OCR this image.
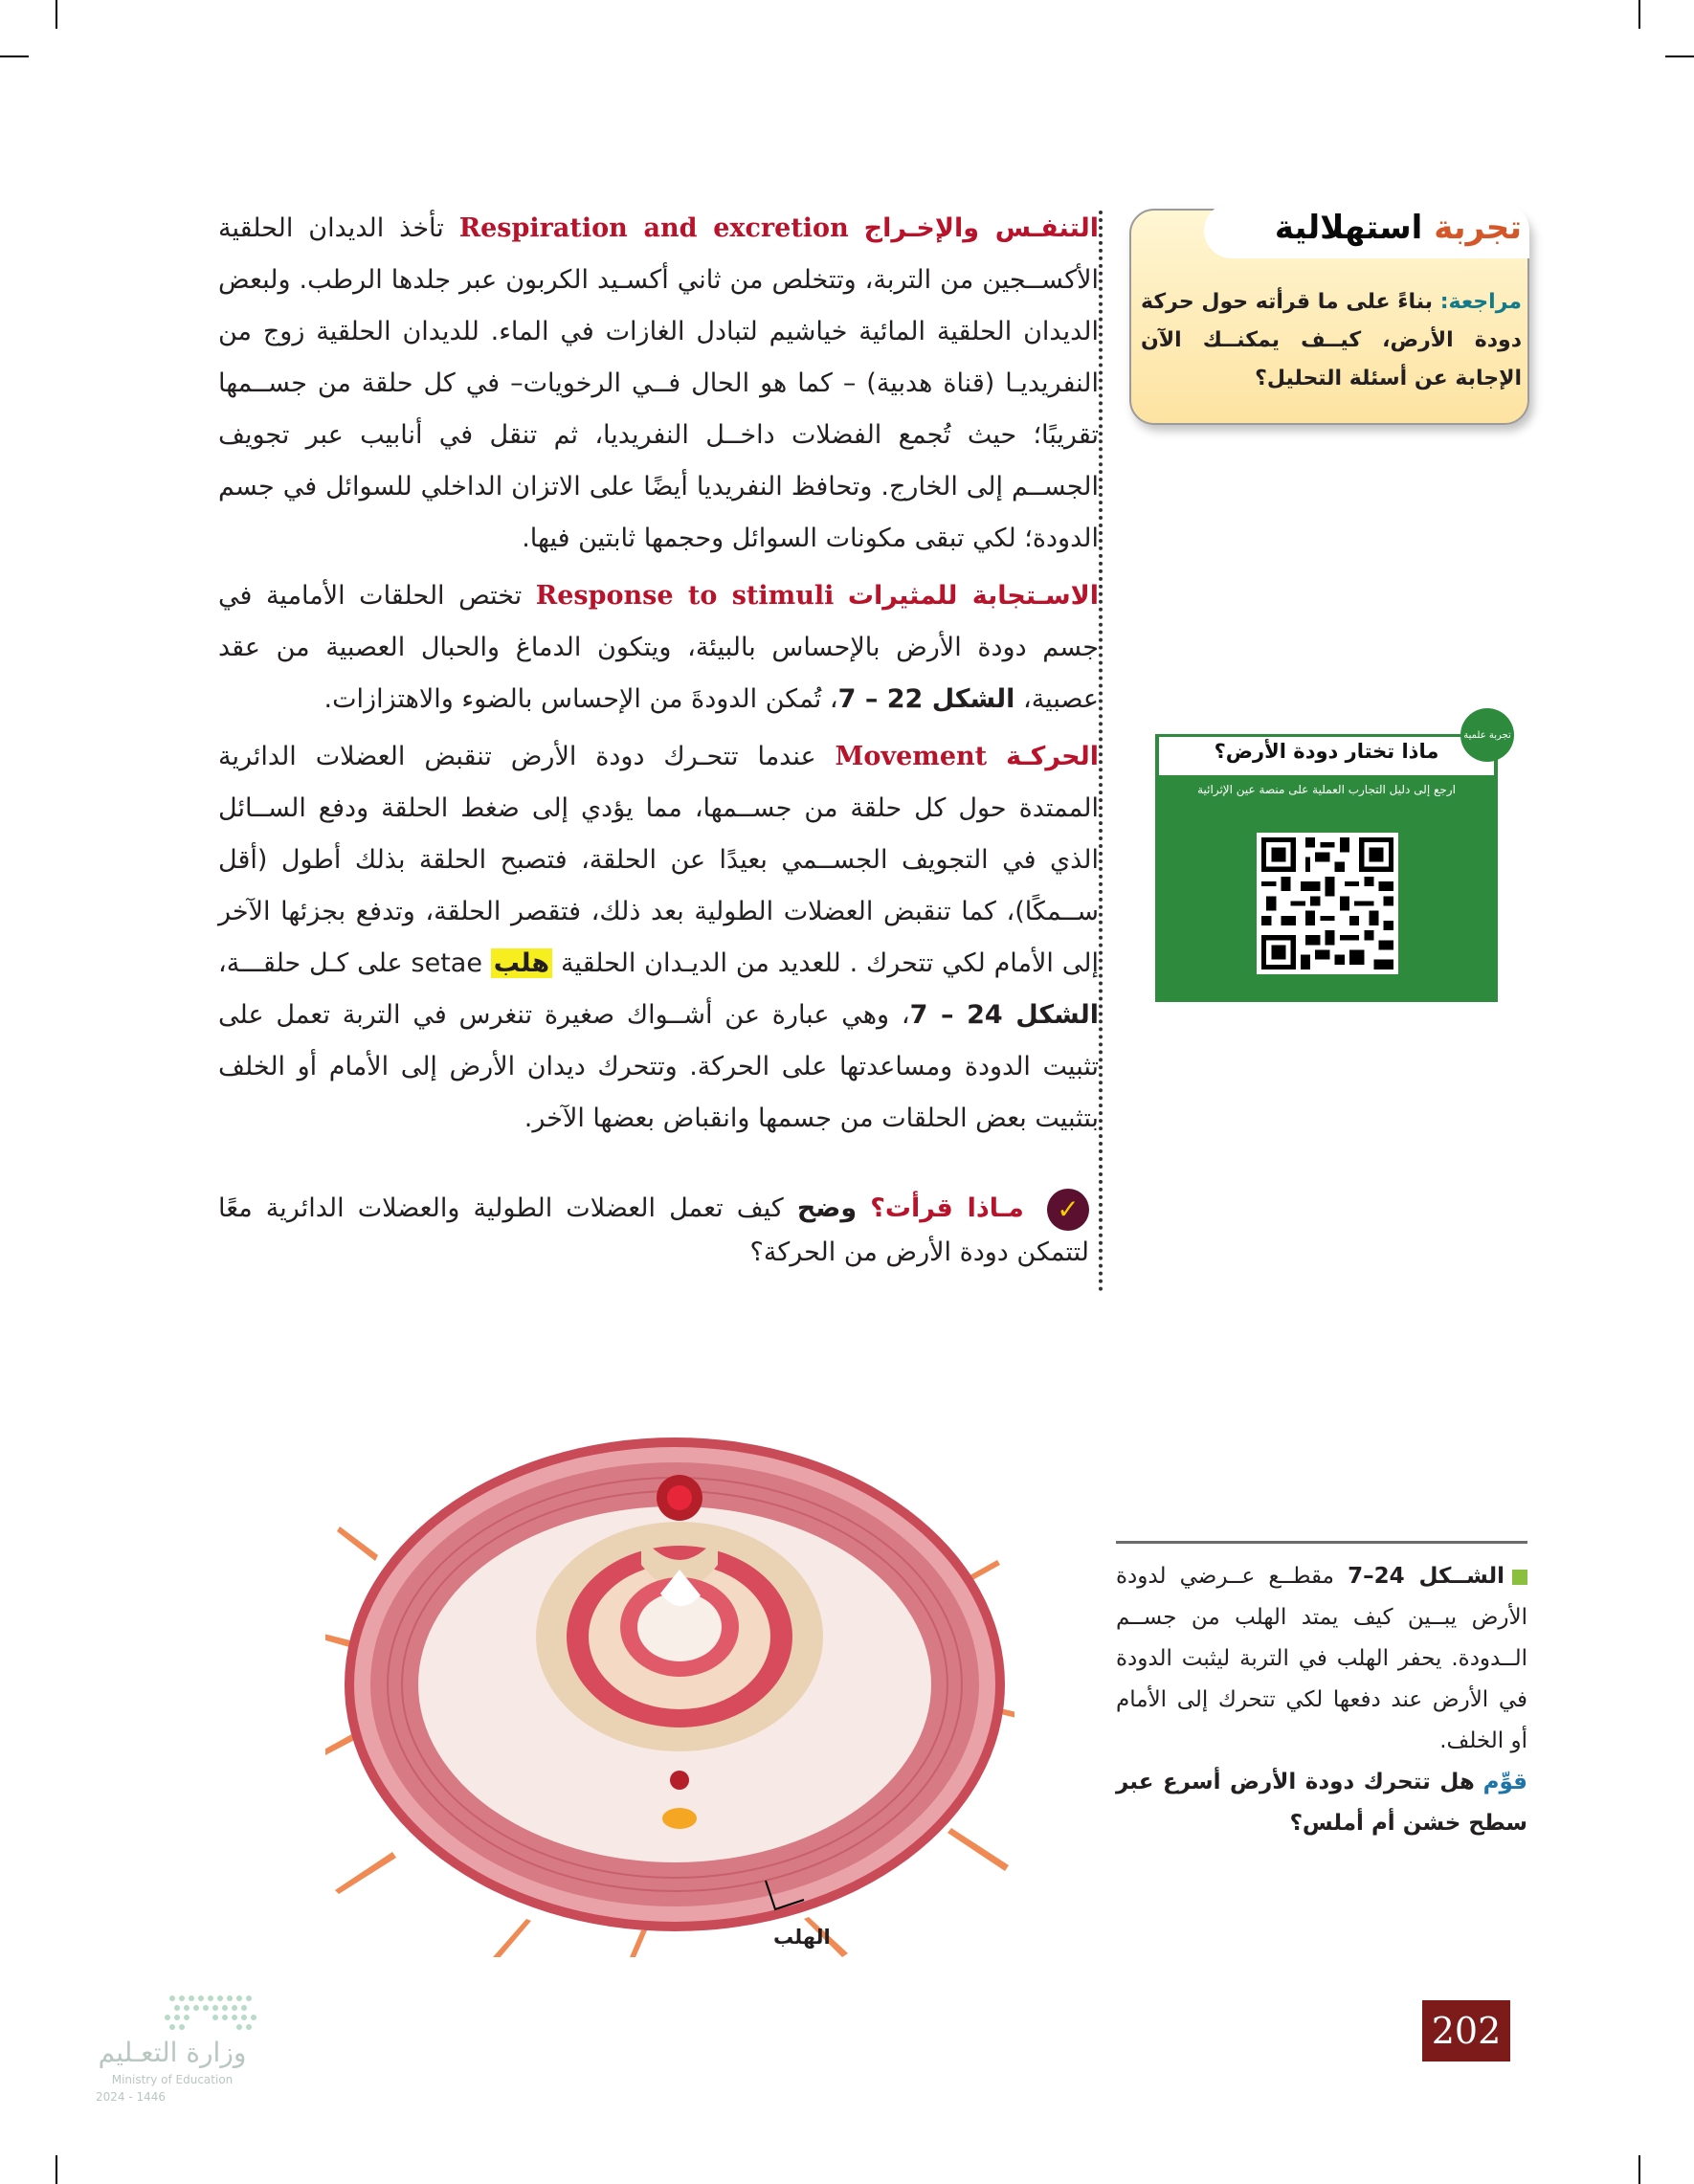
التنفـس والإخـراج Respiration and excretion تأخذ الديدان الحلقية الأكســجين من التربة، وتتخلص من ثاني أكسـيد الكربون عبر جلدها الرطب. ولبعض الديدان الحلقية المائية خياشيم لتبادل الغازات في الماء. للديدان الحلقية زوج من النفريديـا (قناة هدبية) – كما هو الحال فــي الرخويات– في كل حلقة من جســمها تقريبًا؛ حيث تُجمع الفضلات داخــل النفريديا، ثم تنقل في أنابيب عبر تجويف الجســم إلى الخارج. وتحافظ النفريديا أيضًا على الاتزان الداخلي للسوائل في جسم الدودة؛ لكي تبقى مكونات السوائل وحجمها ثابتين فيها.

الاسـتجابة للمثيرات Response to stimuli تختص الحلقات الأمامية في جسم دودة الأرض بالإحساس بالبيئة، ويتكون الدماغ والحبال العصبية من عقد عصبية، الشكل 22 – 7، تُمكن الدودةَ من الإحساس بالضوء والاهتزازات.

الحركـة Movement عندما تتحـرك دودة الأرض تنقبض العضلات الدائرية الممتدة حول كل حلقة من جســمها، مما يؤدي إلى ضغط الحلقة ودفع الســائل الذي في التجويف الجســمي بعيدًا عن الحلقة، فتصبح الحلقة بذلك أطول (أقل ســمكًا)، كما تنقبض العضلات الطولية بعد ذلك، فتقصر الحلقة، وتدفع بجزئها الآخر إلى الأمام لكي تتحرك . للعديد من الديـدان الحلقية هلب setae على كـل حلقـــة، الشكل 24 – 7، وهي عبارة عن أشــواك صغيرة تنغرس في التربة تعمل على تثبيت الدودة ومساعدتها على الحركة. وتتحرك ديدان الأرض إلى الأمام أو الخلف بتثبيت بعض الحلقات من جسمها وانقباض بعضها الآخر.

✓ مـاذا قرأت؟ وضح كيف تعمل العضلات الطولية والعضلات الدائرية معًا لتتمكن دودة الأرض من الحركة؟
تجربة استهلالية
مراجعة: بناءً على ما قرأته حول حركة دودة الأرض، كيــف يمكنــك الآن الإجابة عن أسئلة التحليل؟
ماذا تختار دودة الأرض؟
ارجع إلى دليل التجارب العملية على منصة عين الإثرائية
تجربة علمية
الهلب
الشــكل 24–7 مقطــع عــرضي لدودة الأرض يبــين كيف يمتد الهلب من جســم الــدودة. يحفر الهلب في التربة ليثبت الدودة في الأرض عند دفعها لكي تتحرك إلى الأمام أو الخلف.
قوِّم هل تتحرك دودة الأرض أسرع عبر سطح خشن أم أملس؟
202
وزارة التعـليم
Ministry of Education
2024 - 1446
